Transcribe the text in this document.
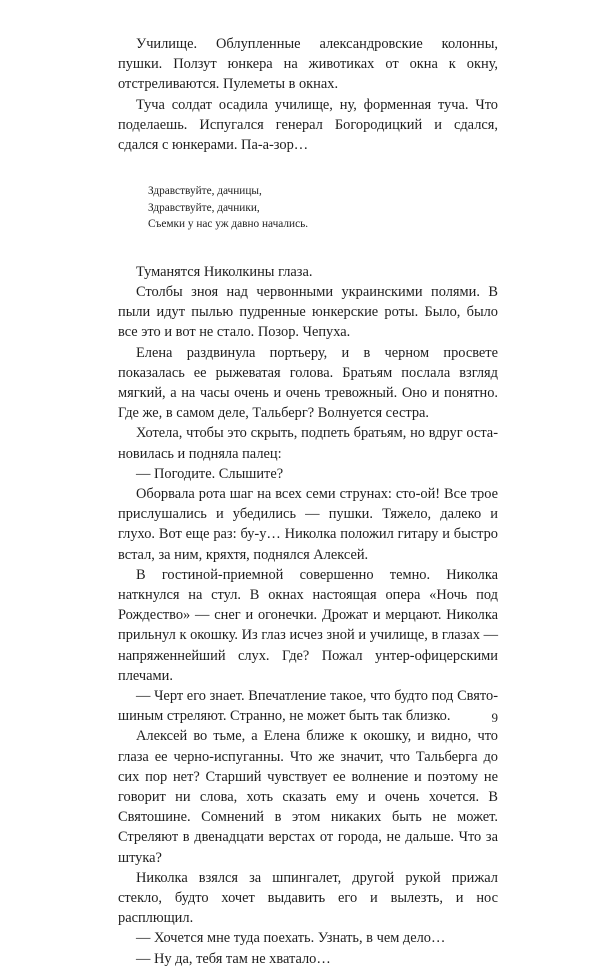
Училище. Облупленные александровские колонны, пушки. Ползут юнкера на животиках от окна к окну, отстреливаются. Пулеметы в окнах.

Туча солдат осадила училище, ну, форменная туча. Что поделаешь. Испугался генерал Богородицкий и сдался, сдался с юнкерами. Па-а-зор…

Здравствуйте, дачницы,
Здравствуйте, дачники,
Съемки у нас уж давно начались.

Туманятся Николкины глаза.

Столбы зноя над червонными украинскими полями. В пыли идут пылью пудренные юнкерские роты. Было, было все это и вот не стало. Позор. Чепуха.

Елена раздвинула портьеру, и в черном просвете показалась ее рыжеватая голова. Братьям послала взгляд мягкий, а на часы очень и очень тревожный. Оно и понятно. Где же, в самом деле, Тальберг? Волнуется сестра.

Хотела, чтобы это скрыть, подпеть братьям, но вдруг остановилась и подняла палец:

— Погодите. Слышите?

Оборвала рота шаг на всех семи струнах: сто-ой! Все трое прислушались и убедились — пушки. Тяжело, далеко и глухо. Вот еще раз: бу-у… Николка положил гитару и быстро встал, за ним, кряхтя, поднялся Алексей.

В гостиной-приемной совершенно темно. Николка наткнулся на стул. В окнах настоящая опера «Ночь под Рождество» — снег и огонечки. Дрожат и мерцают. Николка прильнул к окошку. Из глаз исчез зной и училище, в глазах — напряженнейший слух. Где? Пожал унтер-офицерскими плечами.

— Черт его знает. Впечатление такое, что будто под Святошиным стреляют. Странно, не может быть так близко.

Алексей во тьме, а Елена ближе к окошку, и видно, что глаза ее черно-испуганны. Что же значит, что Тальберга до сих пор нет? Старший чувствует ее волнение и поэтому не говорит ни слова, хоть сказать ему и очень хочется. В Святошине. Сомнений в этом никаких быть не может. Стреляют в двенадцати верстах от города, не дальше. Что за штука?

Николка взялся за шпингалет, другой рукой прижал стекло, будто хочет выдавить его и вылезть, и нос расплющил.

— Хочется мне туда поехать. Узнать, в чем дело…

— Ну да, тебя там не хватало…

9
